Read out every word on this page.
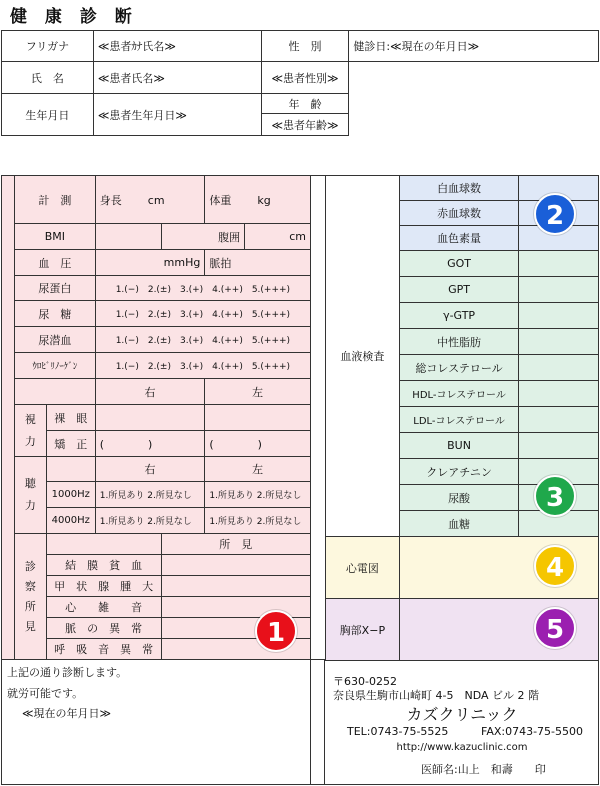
健 康 診 断
フリガナ	≪患者ｶﾅ氏名≫	性　別	健診日:≪現在の年月日≫
氏　名	≪患者氏名≫	≪患者性別≫	
生年月日	≪患者生年月日≫	年　齢	
		≪患者年齢≫	
	計　測		身長 cm		体重 kg	
	BMI			腹囲		cm
	血　圧		mmHg		脈拍	
	尿蛋白		1.(−)　2.(±)　3.(+)　4.(++)　5.(+++)			
	尿　糖		1.(−)　2.(±)　3.(+)　4.(++)　5.(+++)			
	尿潜血		1.(−)　2.(±)　3.(+)　4.(++)　5.(+++)			
	ｳﾛﾋﾞﾘﾉｰｹﾞﾝ		1.(−)　2.(±)　3.(+)　4.(++)　5.(+++)			
			右		左	
	視
力	裸　眼				
		矯　正	(　　　　)		(　　　　)	
	聴
力		右		左	
		1000Hz	1.所見あり 2.所見なし		1.所見あり 2.所見なし	
		4000Hz	1.所見あり 2.所見なし		1.所見あり 2.所見なし	
	診
察
所
見			所　見		
		結　膜　貧　血				
		甲　状　腺　腫　大				
		心　　雑　　音				
		脈　の　異　常				
		呼　吸　音　異　常				
血液検査	白血球数	
	赤血球数	
	血色素量	
	GOT	
	GPT	
	γ-GTP	
	中性脂肪	
	総コレステロール	
	HDL-コレステロール	
	LDL-コレステロール	
	BUN	
	クレアチニン	
	尿酸	
	血糖	
心電図		
胸部X−P		
上記の通り診断します。
就労可能です。
≪現在の年月日≫
〒630-0252
奈良県生駒市山崎町 4-5　NDA ビル 2 階
カズクリニック
TEL:0743-75-5525	FAX:0743-75-5500
http://www.kazuclinic.com
医師名:山上　和壽　　印
1
2
3
4
5
